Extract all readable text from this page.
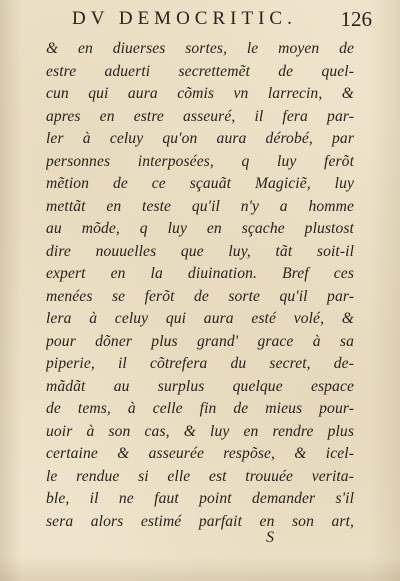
DV DEMOCRITIC. 126
& en diuerses sortes, le moyen de
estre aduerti secrettemẽt de quel-
cun qui aura cõmis vn larrecin, &
apres en estre asseuré, il fera par-
ler à celuy qu'on aura dérobé, par
personnes interposées, q luy ferõt
mẽtion de ce sçauãt Magiciẽ, luy
mettãt en teste qu'il n'y a homme
au mõde, q luy en sçache plustost
dire nouuelles que luy, tãt soit-il
expert en la diuination. Bref ces
menées se ferõt de sorte qu'il par-
lera à celuy qui aura esté volé, &
pour dõner plus grand' grace à sa
piperie, il cõtrefera du secret, de-
mãdãt au surplus quelque espace
de tems, à celle fin de mieus pour-
uoir à son cas, & luy en rendre plus
certaine & asseurée respõse, & icel-
le rendue si elle est trouuée verita-
ble, il ne faut point demander s'il
sera alors estimé parfait en son art,
S
